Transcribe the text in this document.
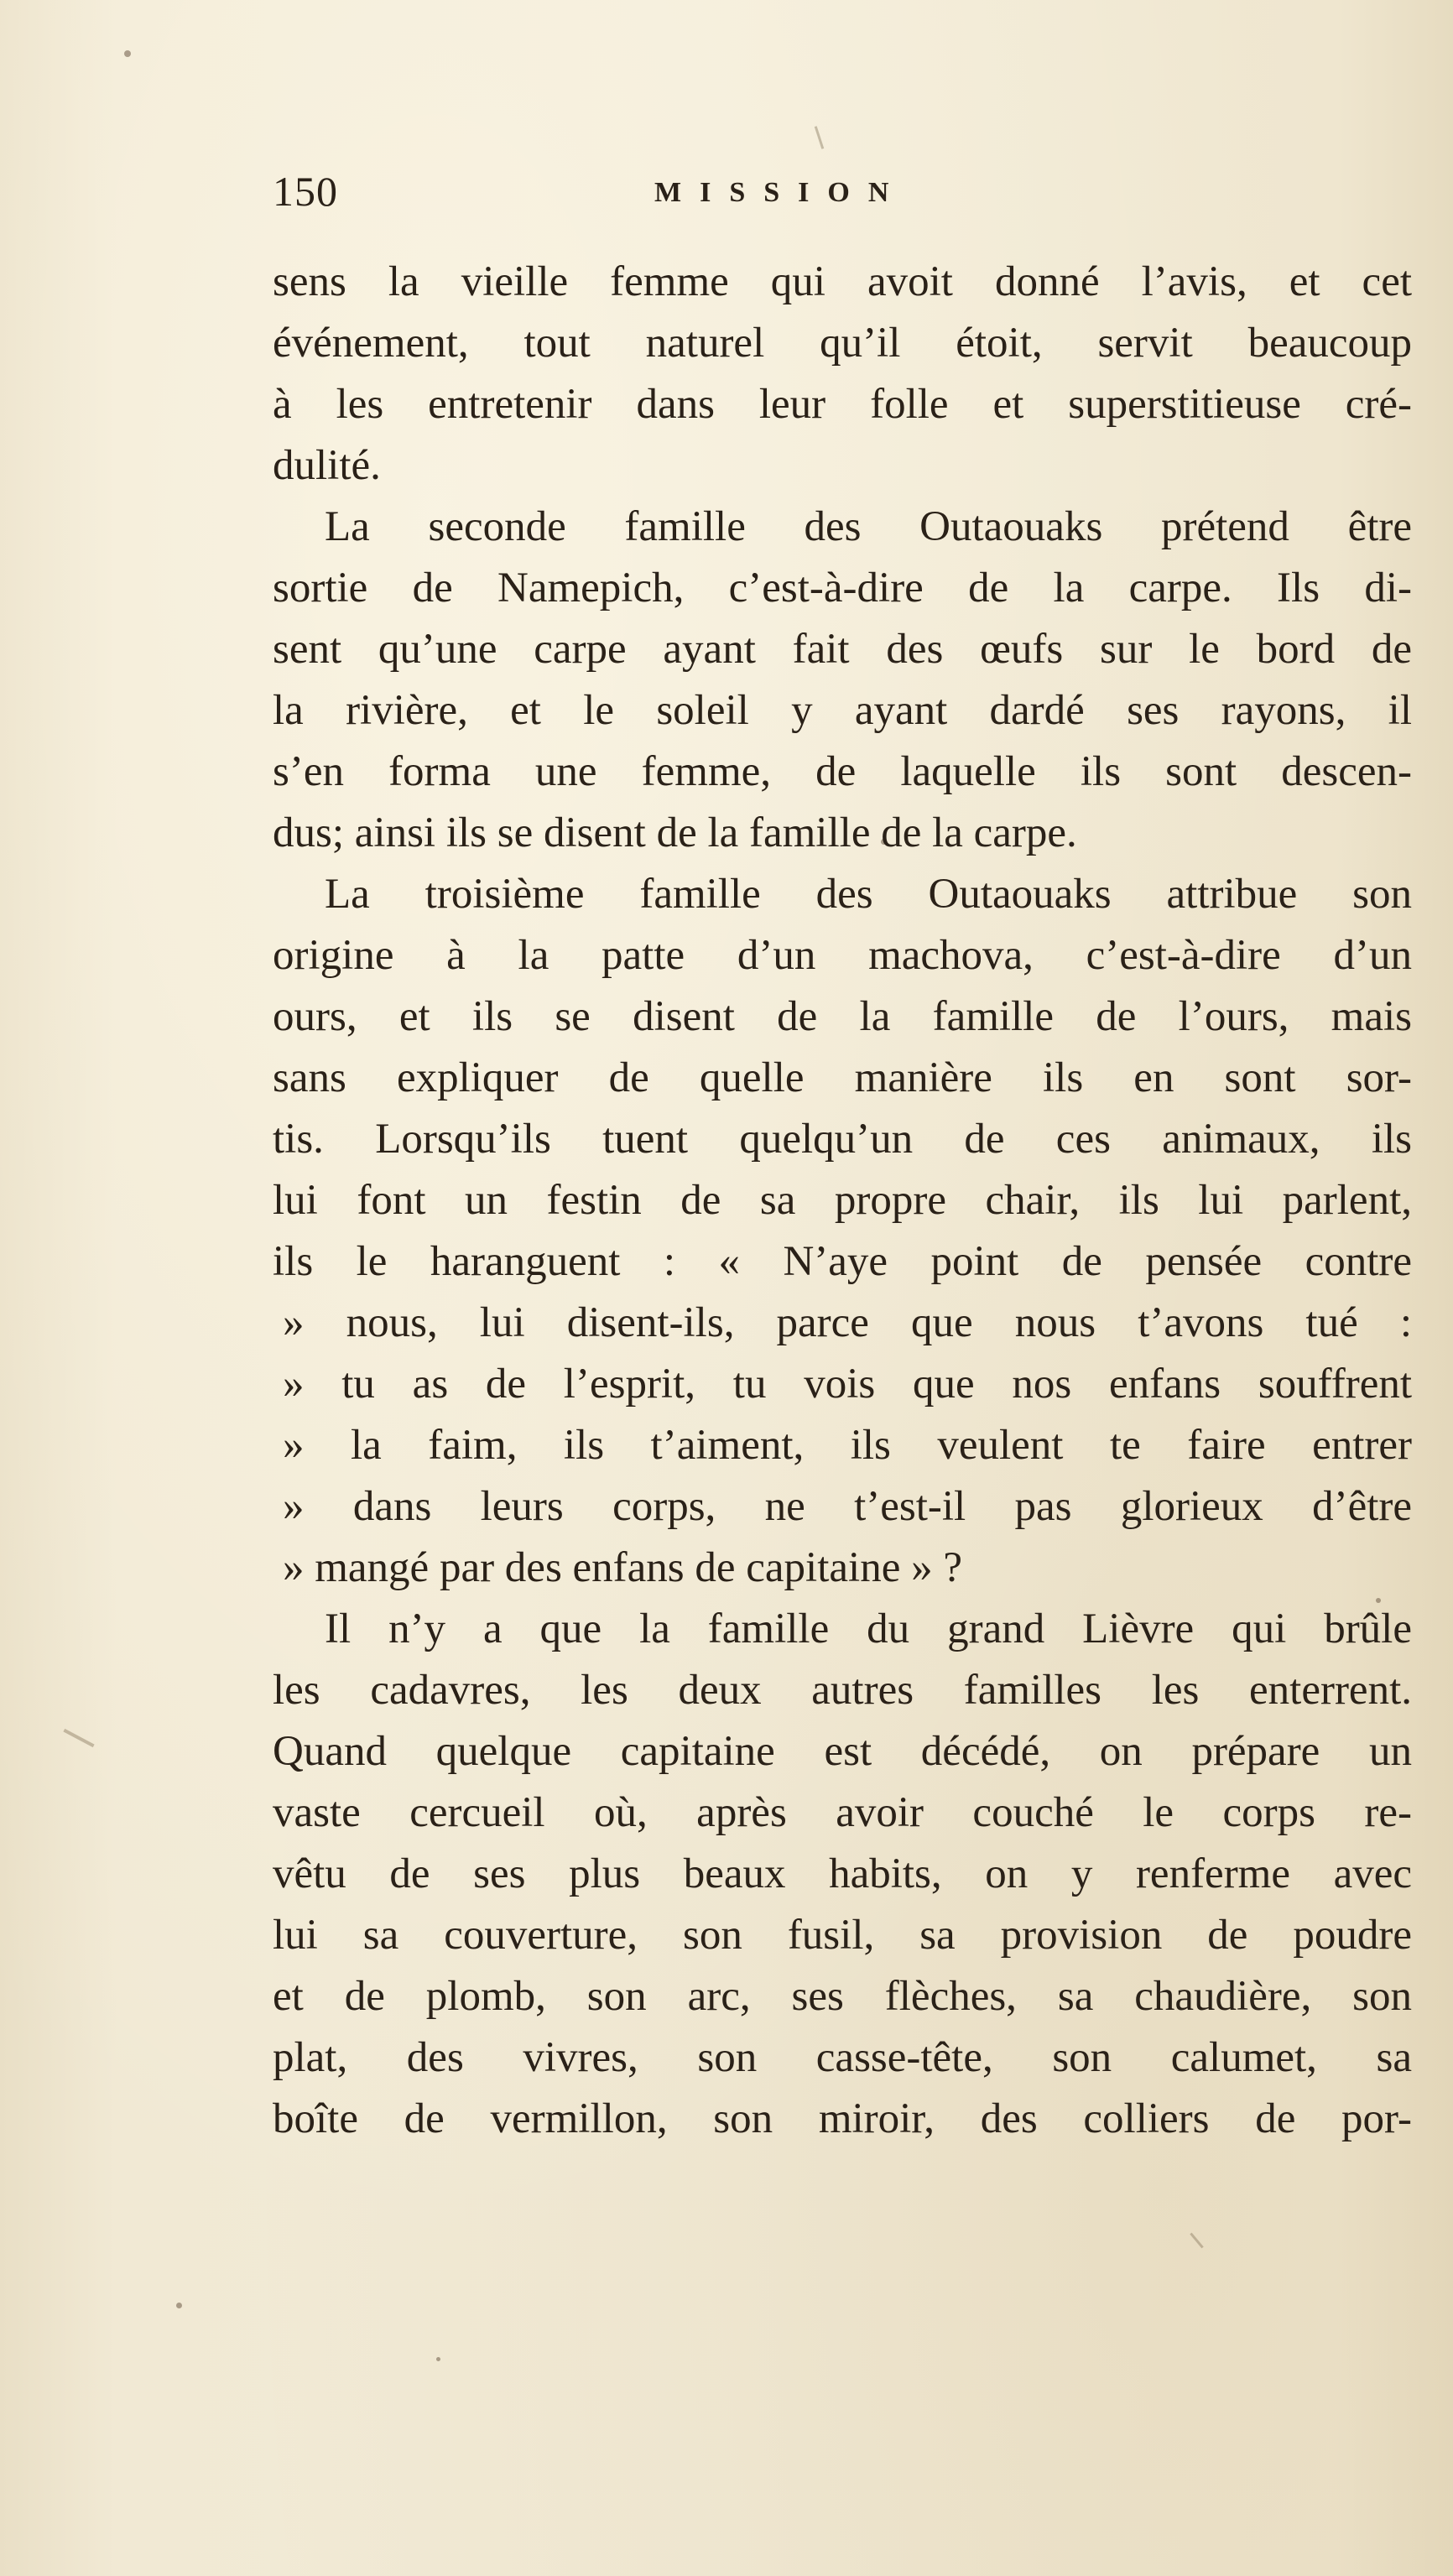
150	MISSION
sens la vieille femme qui avoit donné l’avis, et cet
événement, tout naturel qu’il étoit, servit beaucoup
à les entretenir dans leur folle et superstitieuse cré-
dulité.
La seconde famille des Outaouaks prétend être
sortie de Namepich, c’est-à-dire de la carpe. Ils di-
sent qu’une carpe ayant fait des œufs sur le bord de
la rivière, et le soleil y ayant dardé ses rayons, il
s’en forma une femme, de laquelle ils sont descen-
dus; ainsi ils se disent de la famille de la carpe.
La troisième famille des Outaouaks attribue son
origine à la patte d’un machova, c’est-à-dire d’un
ours, et ils se disent de la famille de l’ours, mais
sans expliquer de quelle manière ils en sont sor-
tis. Lorsqu’ils tuent quelqu’un de ces animaux, ils
lui font un festin de sa propre chair, ils lui parlent,
ils le haranguent : « N’aye point de pensée contre
» nous, lui disent-ils, parce que nous t’avons tué :
» tu as de l’esprit, tu vois que nos enfans souffrent
» la faim, ils t’aiment, ils veulent te faire entrer
» dans leurs corps, ne t’est-il pas glorieux d’être
» mangé par des enfans de capitaine » ?
Il n’y a que la famille du grand Lièvre qui brûle
les cadavres, les deux autres familles les enterrent.
Quand quelque capitaine est décédé, on prépare un
vaste cercueil où, après avoir couché le corps re-
vêtu de ses plus beaux habits, on y renferme avec
lui sa couverture, son fusil, sa provision de poudre
et de plomb, son arc, ses flèches, sa chaudière, son
plat, des vivres, son casse-tête, son calumet, sa
boîte de vermillon, son miroir, des colliers de por-
